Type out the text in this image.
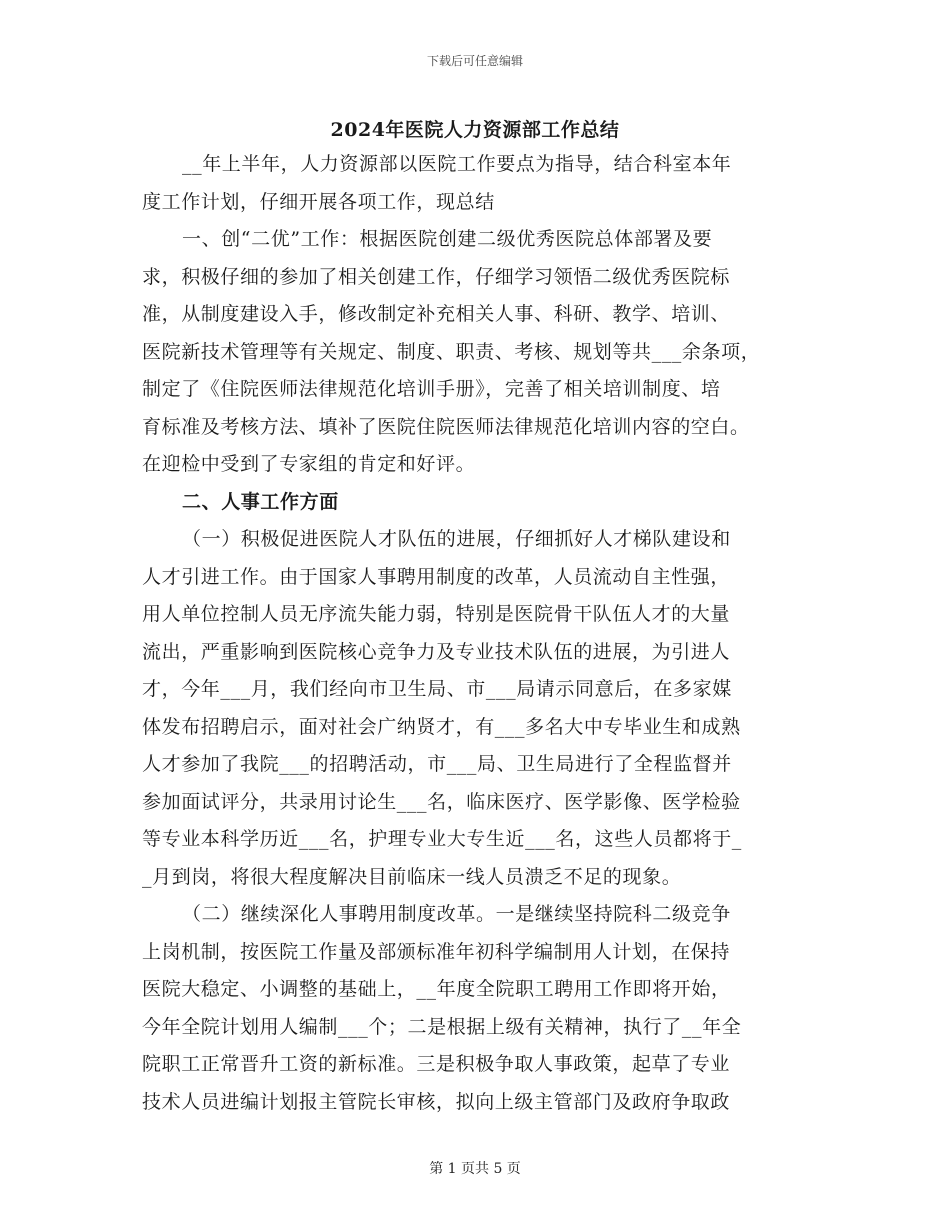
下载后可任意编辑
2024年医院人力资源部工作总结
__年上半年，人力资源部以医院工作要点为指导，结合科室本年
度工作计划，仔细开展各项工作，现总结
一、创“二优”工作：根据医院创建二级优秀医院总体部署及要
求，积极仔细的参加了相关创建工作，仔细学习领悟二级优秀医院标
准，从制度建设入手，修改制定补充相关人事、科研、教学、培训、
医院新技术管理等有关规定、制度、职责、考核、规划等共___余条项，
制定了《住院医师法律规范化培训手册》，完善了相关培训制度、培
育标准及考核方法、填补了医院住院医师法律规范化培训内容的空白。
在迎检中受到了专家组的肯定和好评。
二、人事工作方面
（一）积极促进医院人才队伍的进展，仔细抓好人才梯队建设和
人才引进工作。由于国家人事聘用制度的改革，人员流动自主性强，
用人单位控制人员无序流失能力弱，特别是医院骨干队伍人才的大量
流出，严重影响到医院核心竞争力及专业技术队伍的进展，为引进人
才，今年___月，我们经向市卫生局、市___局请示同意后，在多家媒
体发布招聘启示，面对社会广纳贤才，有___多名大中专毕业生和成熟
人才参加了我院___的招聘活动，市___局、卫生局进行了全程监督并
参加面试评分，共录用讨论生___名，临床医疗、医学影像、医学检验
等专业本科学历近___名，护理专业大专生近___名，这些人员都将于_
_月到岗，将很大程度解决目前临床一线人员溃乏不足的现象。
（二）继续深化人事聘用制度改革。一是继续坚持院科二级竞争
上岗机制，按医院工作量及部颁标准年初科学编制用人计划，在保持
医院大稳定、小调整的基础上，__年度全院职工聘用工作即将开始，
今年全院计划用人编制___个；二是根据上级有关精神，执行了__年全
院职工正常晋升工资的新标准。三是积极争取人事政策，起草了专业
技术人员进编计划报主管院长审核，拟向上级主管部门及政府争取政
第 1 页共 5 页
